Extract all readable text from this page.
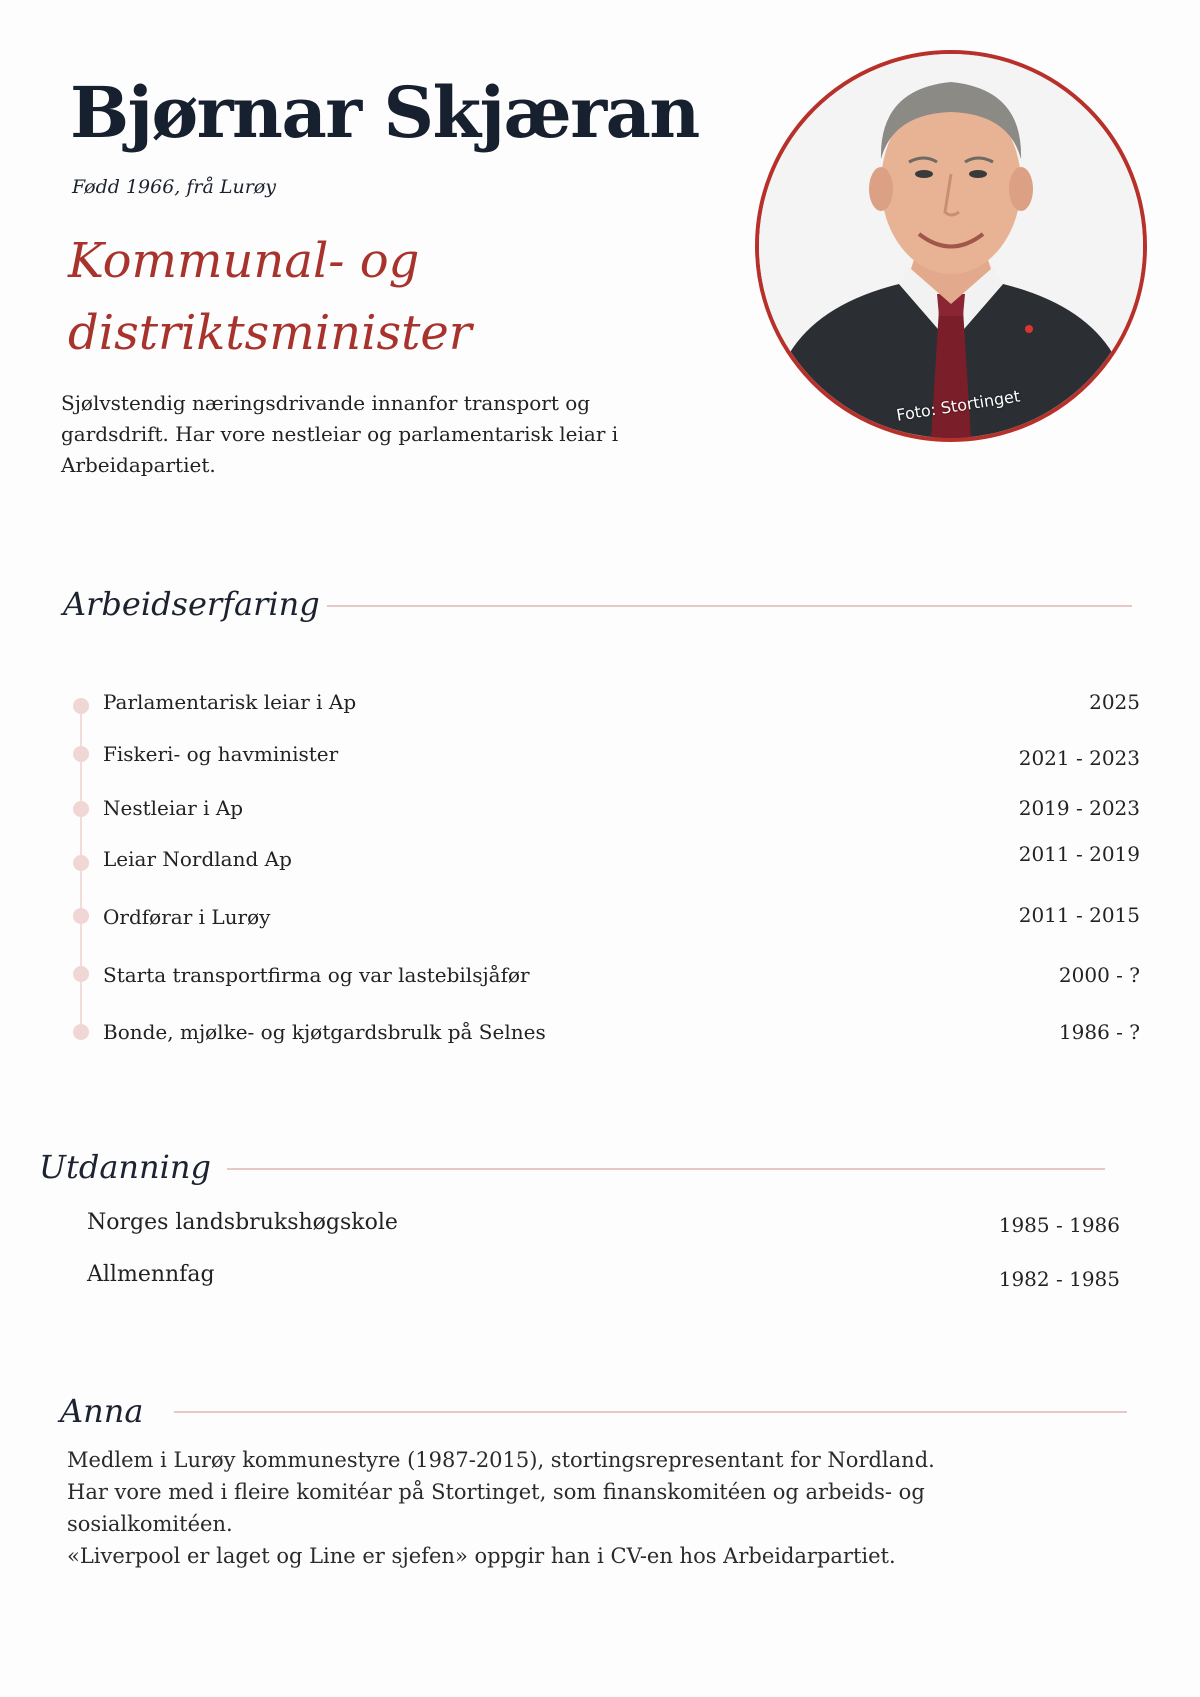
Bjørnar Skjæran
Fødd 1966, frå Lurøy
Kommunal- og
distriktsminister
Sjølvstendig næringsdrivande innanfor transport og gardsdrift. Har vore nestleiar og parlamentarisk leiar i Arbeidapartiet.
Foto: Stortinget
Arbeidserfaring
Parlamentarisk leiar i Ap	2025
Fiskeri- og havminister	2021 - 2023
Nestleiar i Ap	2019 - 2023
Leiar Nordland Ap	2011 - 2019
Ordførar i Lurøy	2011 - 2015
Starta transportfirma og var lastebilsjåfør	2000 - ?
Bonde, mjølke- og kjøtgardsbrulk på Selnes	1986 - ?
Utdanning
Norges landsbrukshøgskole	1985 - 1986
Allmennfag	1982 - 1985
Anna
Medlem i Lurøy kommunestyre (1987-2015), stortingsrepresentant for Nordland.
Har vore med i fleire komitéar på Stortinget, som finanskomitéen og arbeids- og
sosialkomitéen.
«Liverpool er laget og Line er sjefen» oppgir han i CV-en hos Arbeidarpartiet.
